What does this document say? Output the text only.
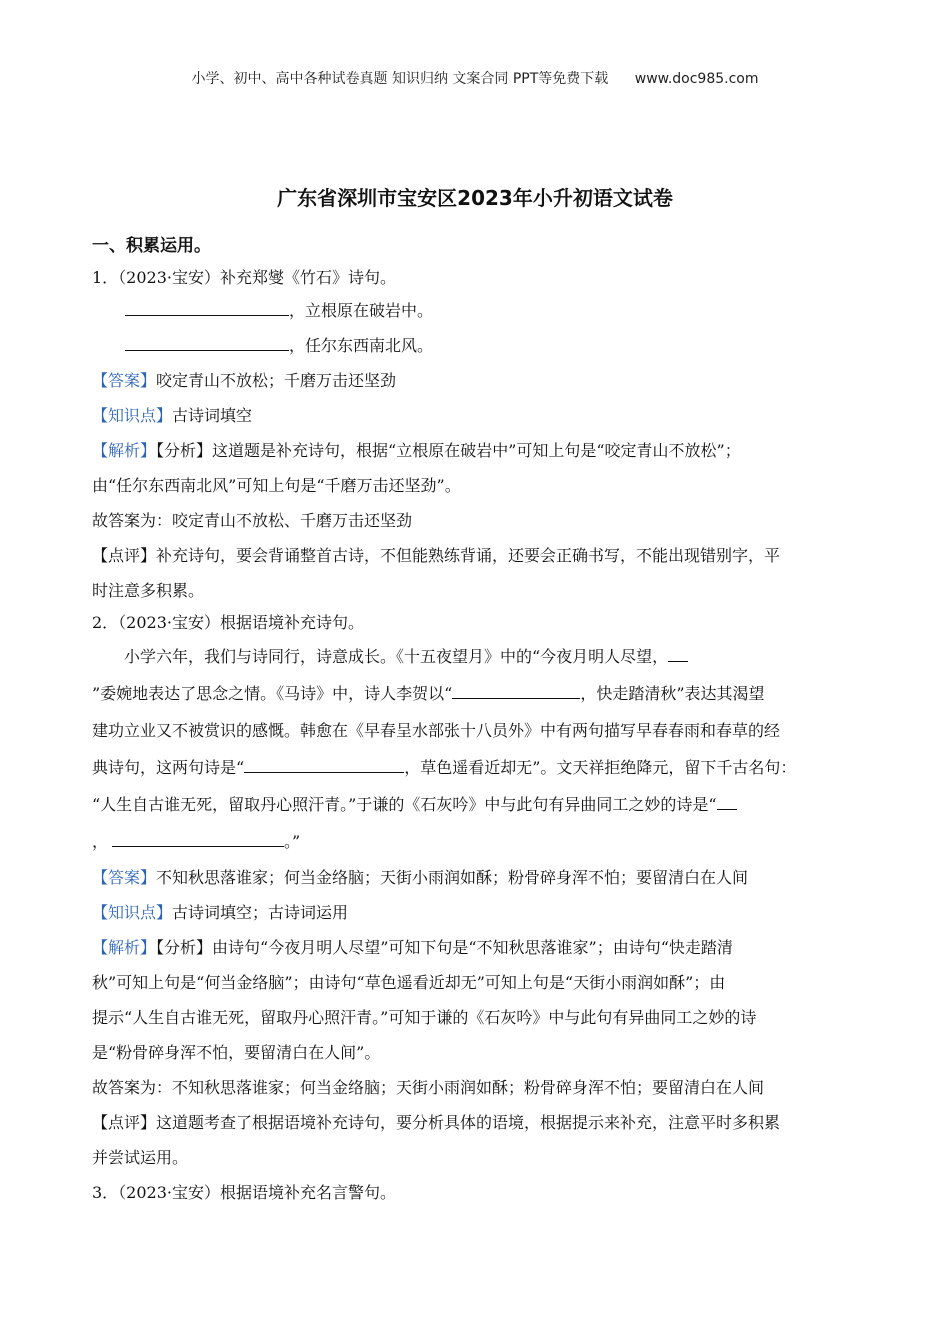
小学、初中、高中各种试卷真题 知识归纳 文案合同 PPT等免费下载 www.doc985.com
广东省深圳市宝安区2023年小升初语文试卷
一、积累运用。

1．（2023·宝安）补充郑燮《竹石》诗句。

，立根原在破岩中。

，任尔东西南北风。

【答案】咬定青山不放松；千磨万击还坚劲

【知识点】古诗词填空

【解析】【分析】这道题是补充诗句，根据“立根原在破岩中”可知上句是“咬定青山不放松”；

由“任尔东西南北风”可知上句是“千磨万击还坚劲”。

故答案为：咬定青山不放松、千磨万击还坚劲

【点评】补充诗句，要会背诵整首古诗，不但能熟练背诵，还要会正确书写，不能出现错别字，平

时注意多积累。

2．（2023·宝安）根据语境补充诗句。

小学六年，我们与诗同行，诗意成长。《十五夜望月》中的“今夜月明人尽望，

”委婉地表达了思念之情。《马诗》中，诗人李贺以“	，快走踏清秋”表达其渴望

建功立业又不被赏识的感慨。韩愈在《早春呈水部张十八员外》中有两句描写早春春雨和春草的经

典诗句，这两句诗是“	，草色遥看近却无”。文天祥拒绝降元，留下千古名句：

“人生自古谁无死，留取丹心照汗青。”于谦的《石灰吟》中与此句有异曲同工之妙的诗是“

，	。”

【答案】不知秋思落谁家；何当金络脑；天街小雨润如酥；粉骨碎身浑不怕；要留清白在人间

【知识点】古诗词填空；古诗词运用

【解析】【分析】由诗句“今夜月明人尽望”可知下句是“不知秋思落谁家”；由诗句“快走踏清

秋”可知上句是“何当金络脑”；由诗句“草色遥看近却无”可知上句是“天街小雨润如酥”；由

提示“人生自古谁无死，留取丹心照汗青。”可知于谦的《石灰吟》中与此句有异曲同工之妙的诗

是“粉骨碎身浑不怕，要留清白在人间”。

故答案为：不知秋思落谁家；何当金络脑；天街小雨润如酥；粉骨碎身浑不怕；要留清白在人间

【点评】这道题考查了根据语境补充诗句，要分析具体的语境，根据提示来补充，注意平时多积累

并尝试运用。

3．（2023·宝安）根据语境补充名言警句。
